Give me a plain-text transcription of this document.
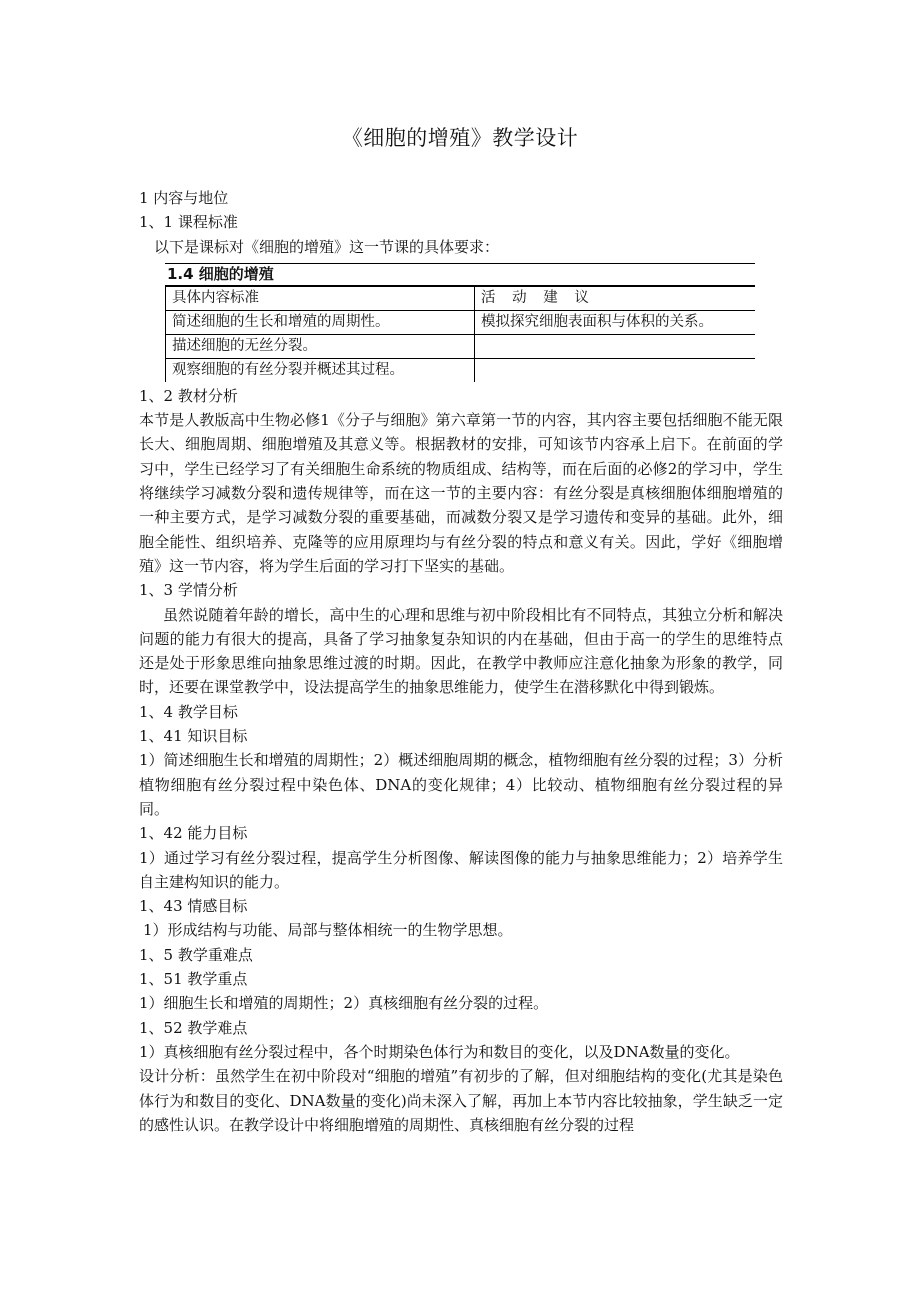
《细胞的增殖》教学设计

1 内容与地位

1、1 课程标准

以下是课标对《细胞的增殖》这一节课的具体要求：

1.4 细胞的增殖
具体内容标准	活 动 建 议
简述细胞的生长和增殖的周期性。	模拟探究细胞表面积与体积的关系。
描述细胞的无丝分裂。	
观察细胞的有丝分裂并概述其过程。	

1、2 教材分析

本节是人教版高中生物必修1《分子与细胞》第六章第一节的内容，其内容主要包括细胞不能无限长大、细胞周期、细胞增殖及其意义等。根据教材的安排，可知该节内容承上启下。在前面的学习中，学生已经学习了有关细胞生命系统的物质组成、结构等，而在后面的必修2的学习中，学生将继续学习减数分裂和遗传规律等，而在这一节的主要内容：有丝分裂是真核细胞体细胞增殖的一种主要方式，是学习减数分裂的重要基础，而减数分裂又是学习遗传和变异的基础。此外，细胞全能性、组织培养、克隆等的应用原理均与有丝分裂的特点和意义有关。因此，学好《细胞增殖》这一节内容，将为学生后面的学习打下坚实的基础。

1、3 学情分析

虽然说随着年龄的增长，高中生的心理和思维与初中阶段相比有不同特点，其独立分析和解决问题的能力有很大的提高，具备了学习抽象复杂知识的内在基础，但由于高一的学生的思维特点还是处于形象思维向抽象思维过渡的时期。因此，在教学中教师应注意化抽象为形象的教学，同时，还要在课堂教学中，设法提高学生的抽象思维能力，使学生在潜移默化中得到锻炼。

1、4 教学目标

1、41 知识目标

1）简述细胞生长和增殖的周期性；2）概述细胞周期的概念，植物细胞有丝分裂的过程；3）分析植物细胞有丝分裂过程中染色体、DNA的变化规律；4）比较动、植物细胞有丝分裂过程的异同。

1、42 能力目标

1）通过学习有丝分裂过程，提高学生分析图像、解读图像的能力与抽象思维能力；2）培养学生自主建构知识的能力。

1、43 情感目标

1）形成结构与功能、局部与整体相统一的生物学思想。

1、5 教学重难点

1、51 教学重点

1）细胞生长和增殖的周期性；2）真核细胞有丝分裂的过程。

1、52 教学难点

1）真核细胞有丝分裂过程中，各个时期染色体行为和数目的变化，以及DNA数量的变化。

设计分析：虽然学生在初中阶段对“细胞的增殖”有初步的了解，但对细胞结构的变化(尤其是染色体行为和数目的变化、DNA数量的变化)尚未深入了解，再加上本节内容比较抽象，学生缺乏一定的感性认识。在教学设计中将细胞增殖的周期性、真核细胞有丝分裂的过程
